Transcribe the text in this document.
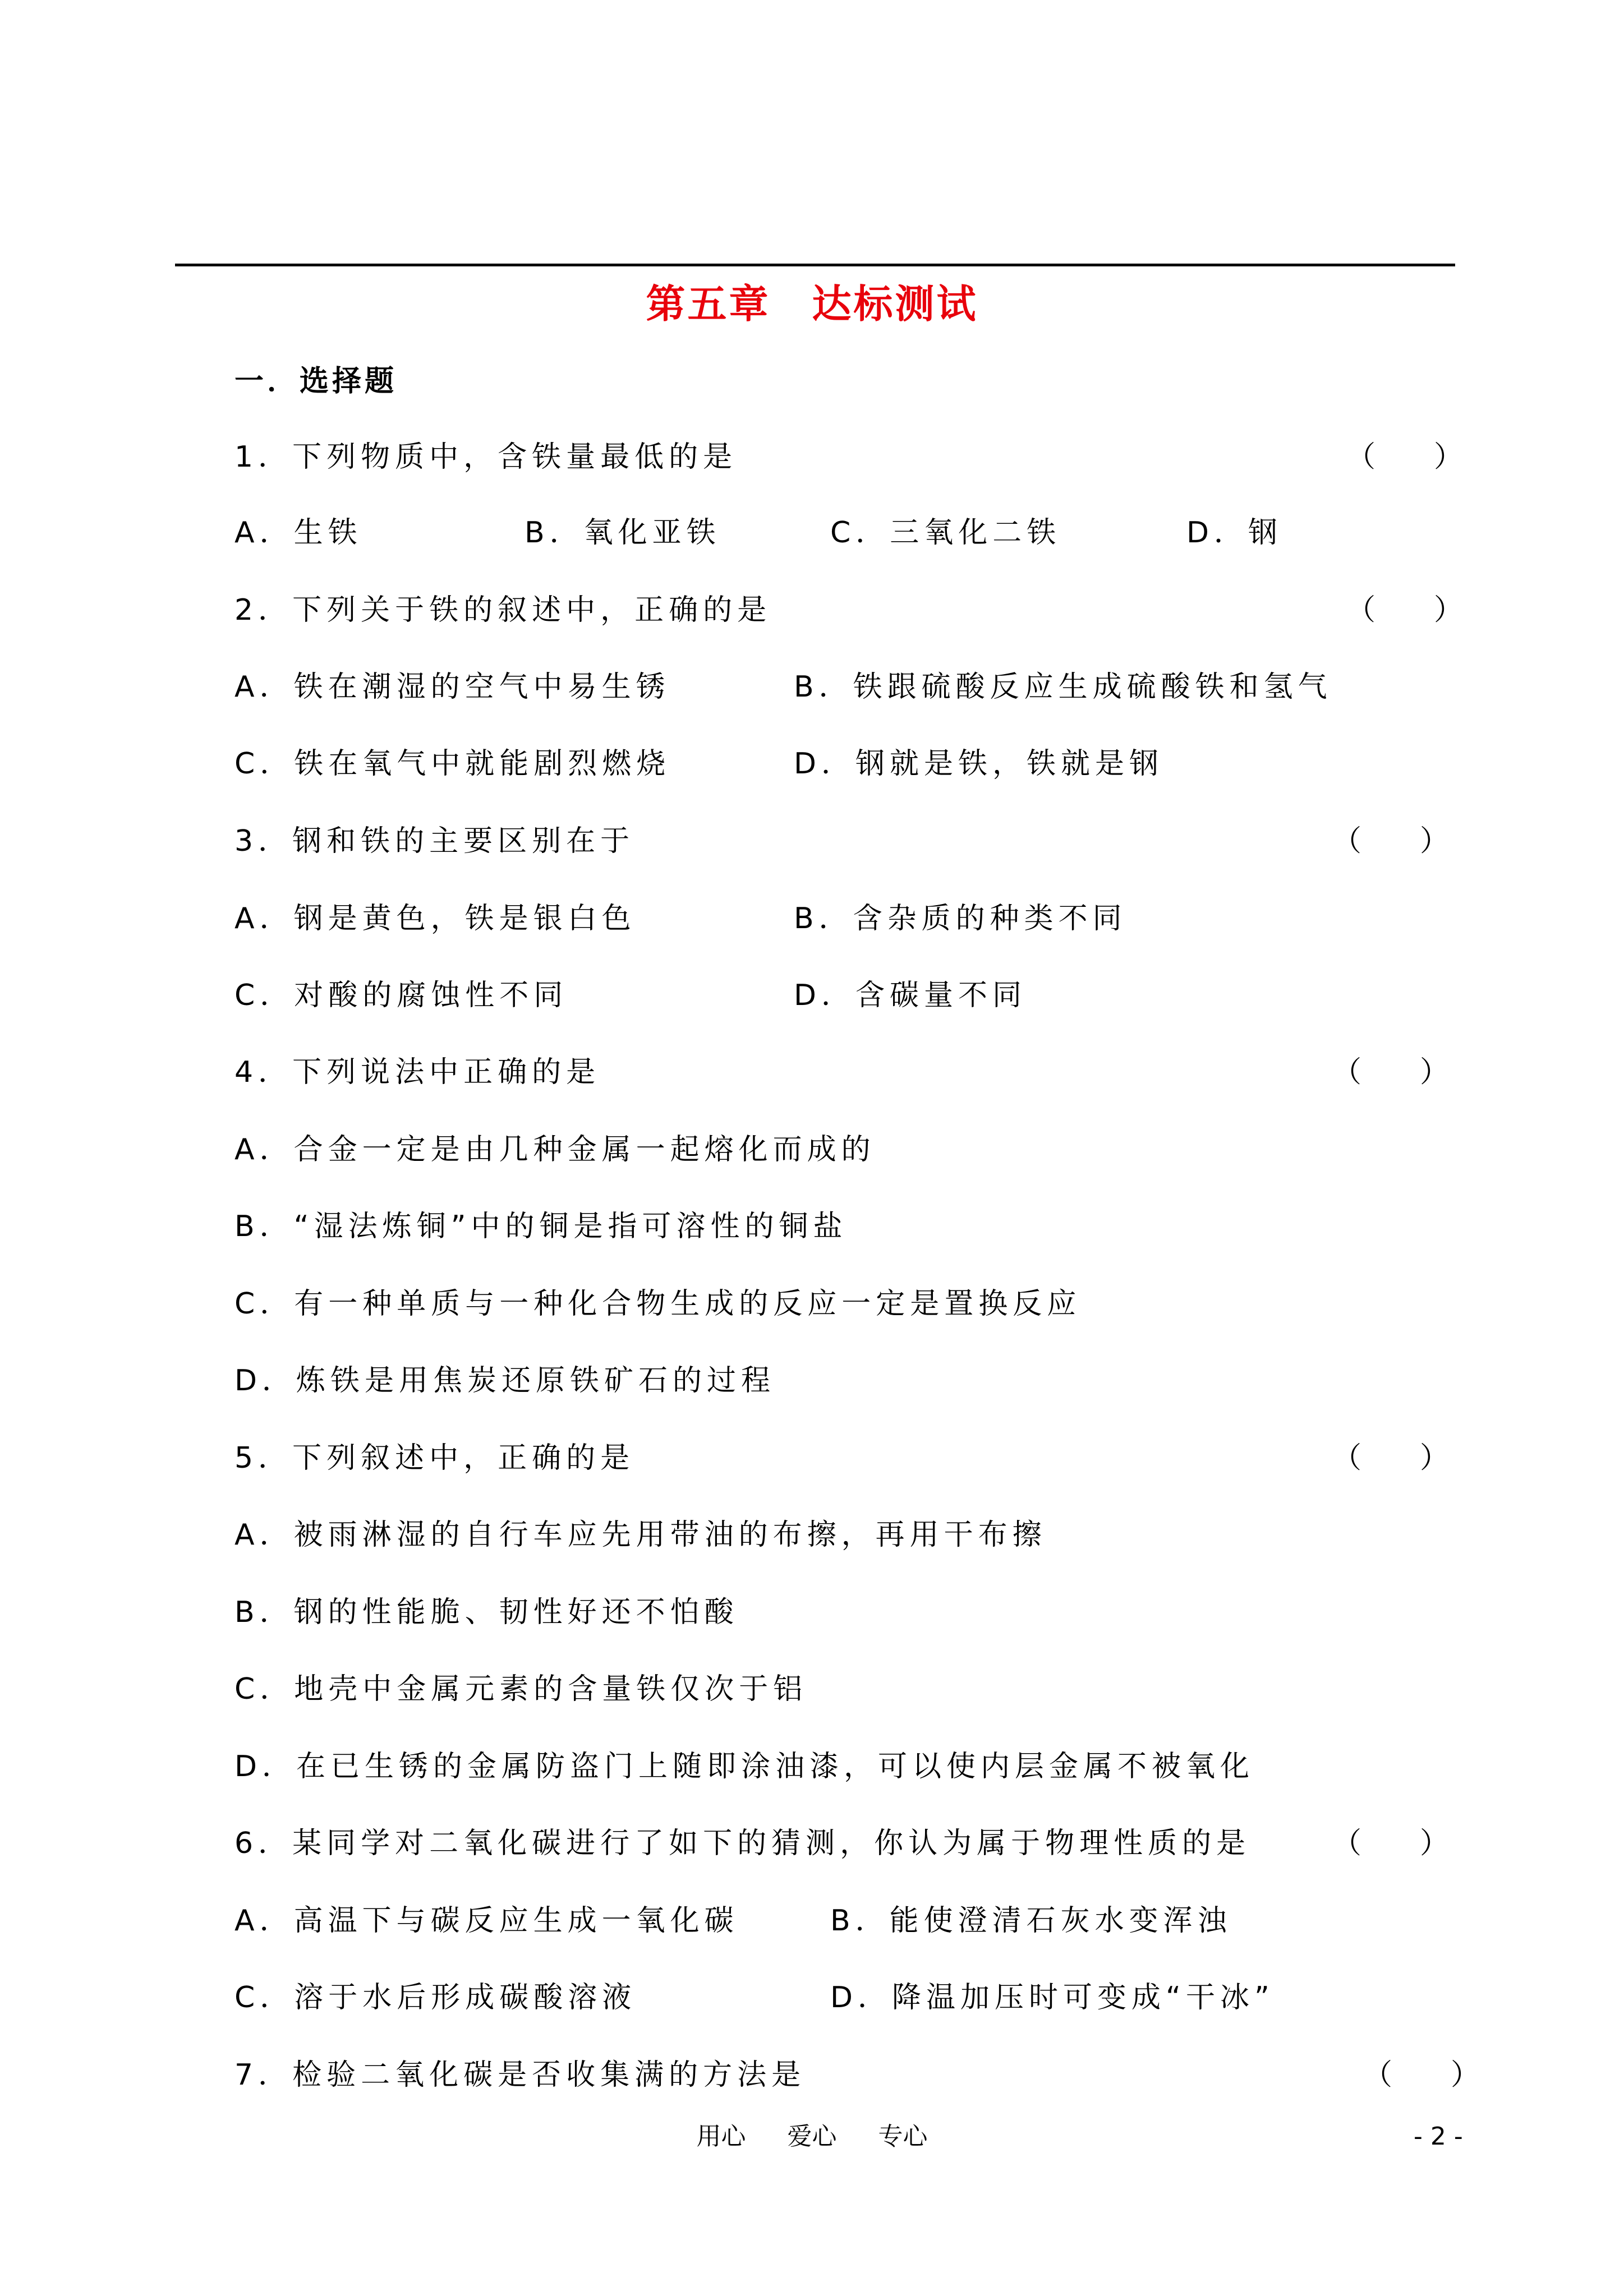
第五章　达标测试
一．选择题
1．下列物质中，含铁量最低的是	（　　）
A．生铁	B．氧化亚铁	C．三氧化二铁	D．钢
2．下列关于铁的叙述中，正确的是	（　　）
A．铁在潮湿的空气中易生锈	B．铁跟硫酸反应生成硫酸铁和氢气
C．铁在氧气中就能剧烈燃烧	D．钢就是铁，铁就是钢
3．钢和铁的主要区别在于	（　　）
A．钢是黄色，铁是银白色	B．含杂质的种类不同
C．对酸的腐蚀性不同	D．含碳量不同
4．下列说法中正确的是	（　　）
A．合金一定是由几种金属一起熔化而成的
B．“湿法炼铜”中的铜是指可溶性的铜盐
C．有一种单质与一种化合物生成的反应一定是置换反应
D．炼铁是用焦炭还原铁矿石的过程
5．下列叙述中，正确的是	（　　）
A．被雨淋湿的自行车应先用带油的布擦，再用干布擦
B．钢的性能脆、韧性好还不怕酸
C．地壳中金属元素的含量铁仅次于铝
D．在已生锈的金属防盗门上随即涂油漆，可以使内层金属不被氧化
6．某同学对二氧化碳进行了如下的猜测，你认为属于物理性质的是	（　　）
A．高温下与碳反应生成一氧化碳	B．能使澄清石灰水变浑浊
C．溶于水后形成碳酸溶液	D．降温加压时可变成“干冰”
7．检验二氧化碳是否收集满的方法是	（　　）
用心 爱心 专心	- 2 -
